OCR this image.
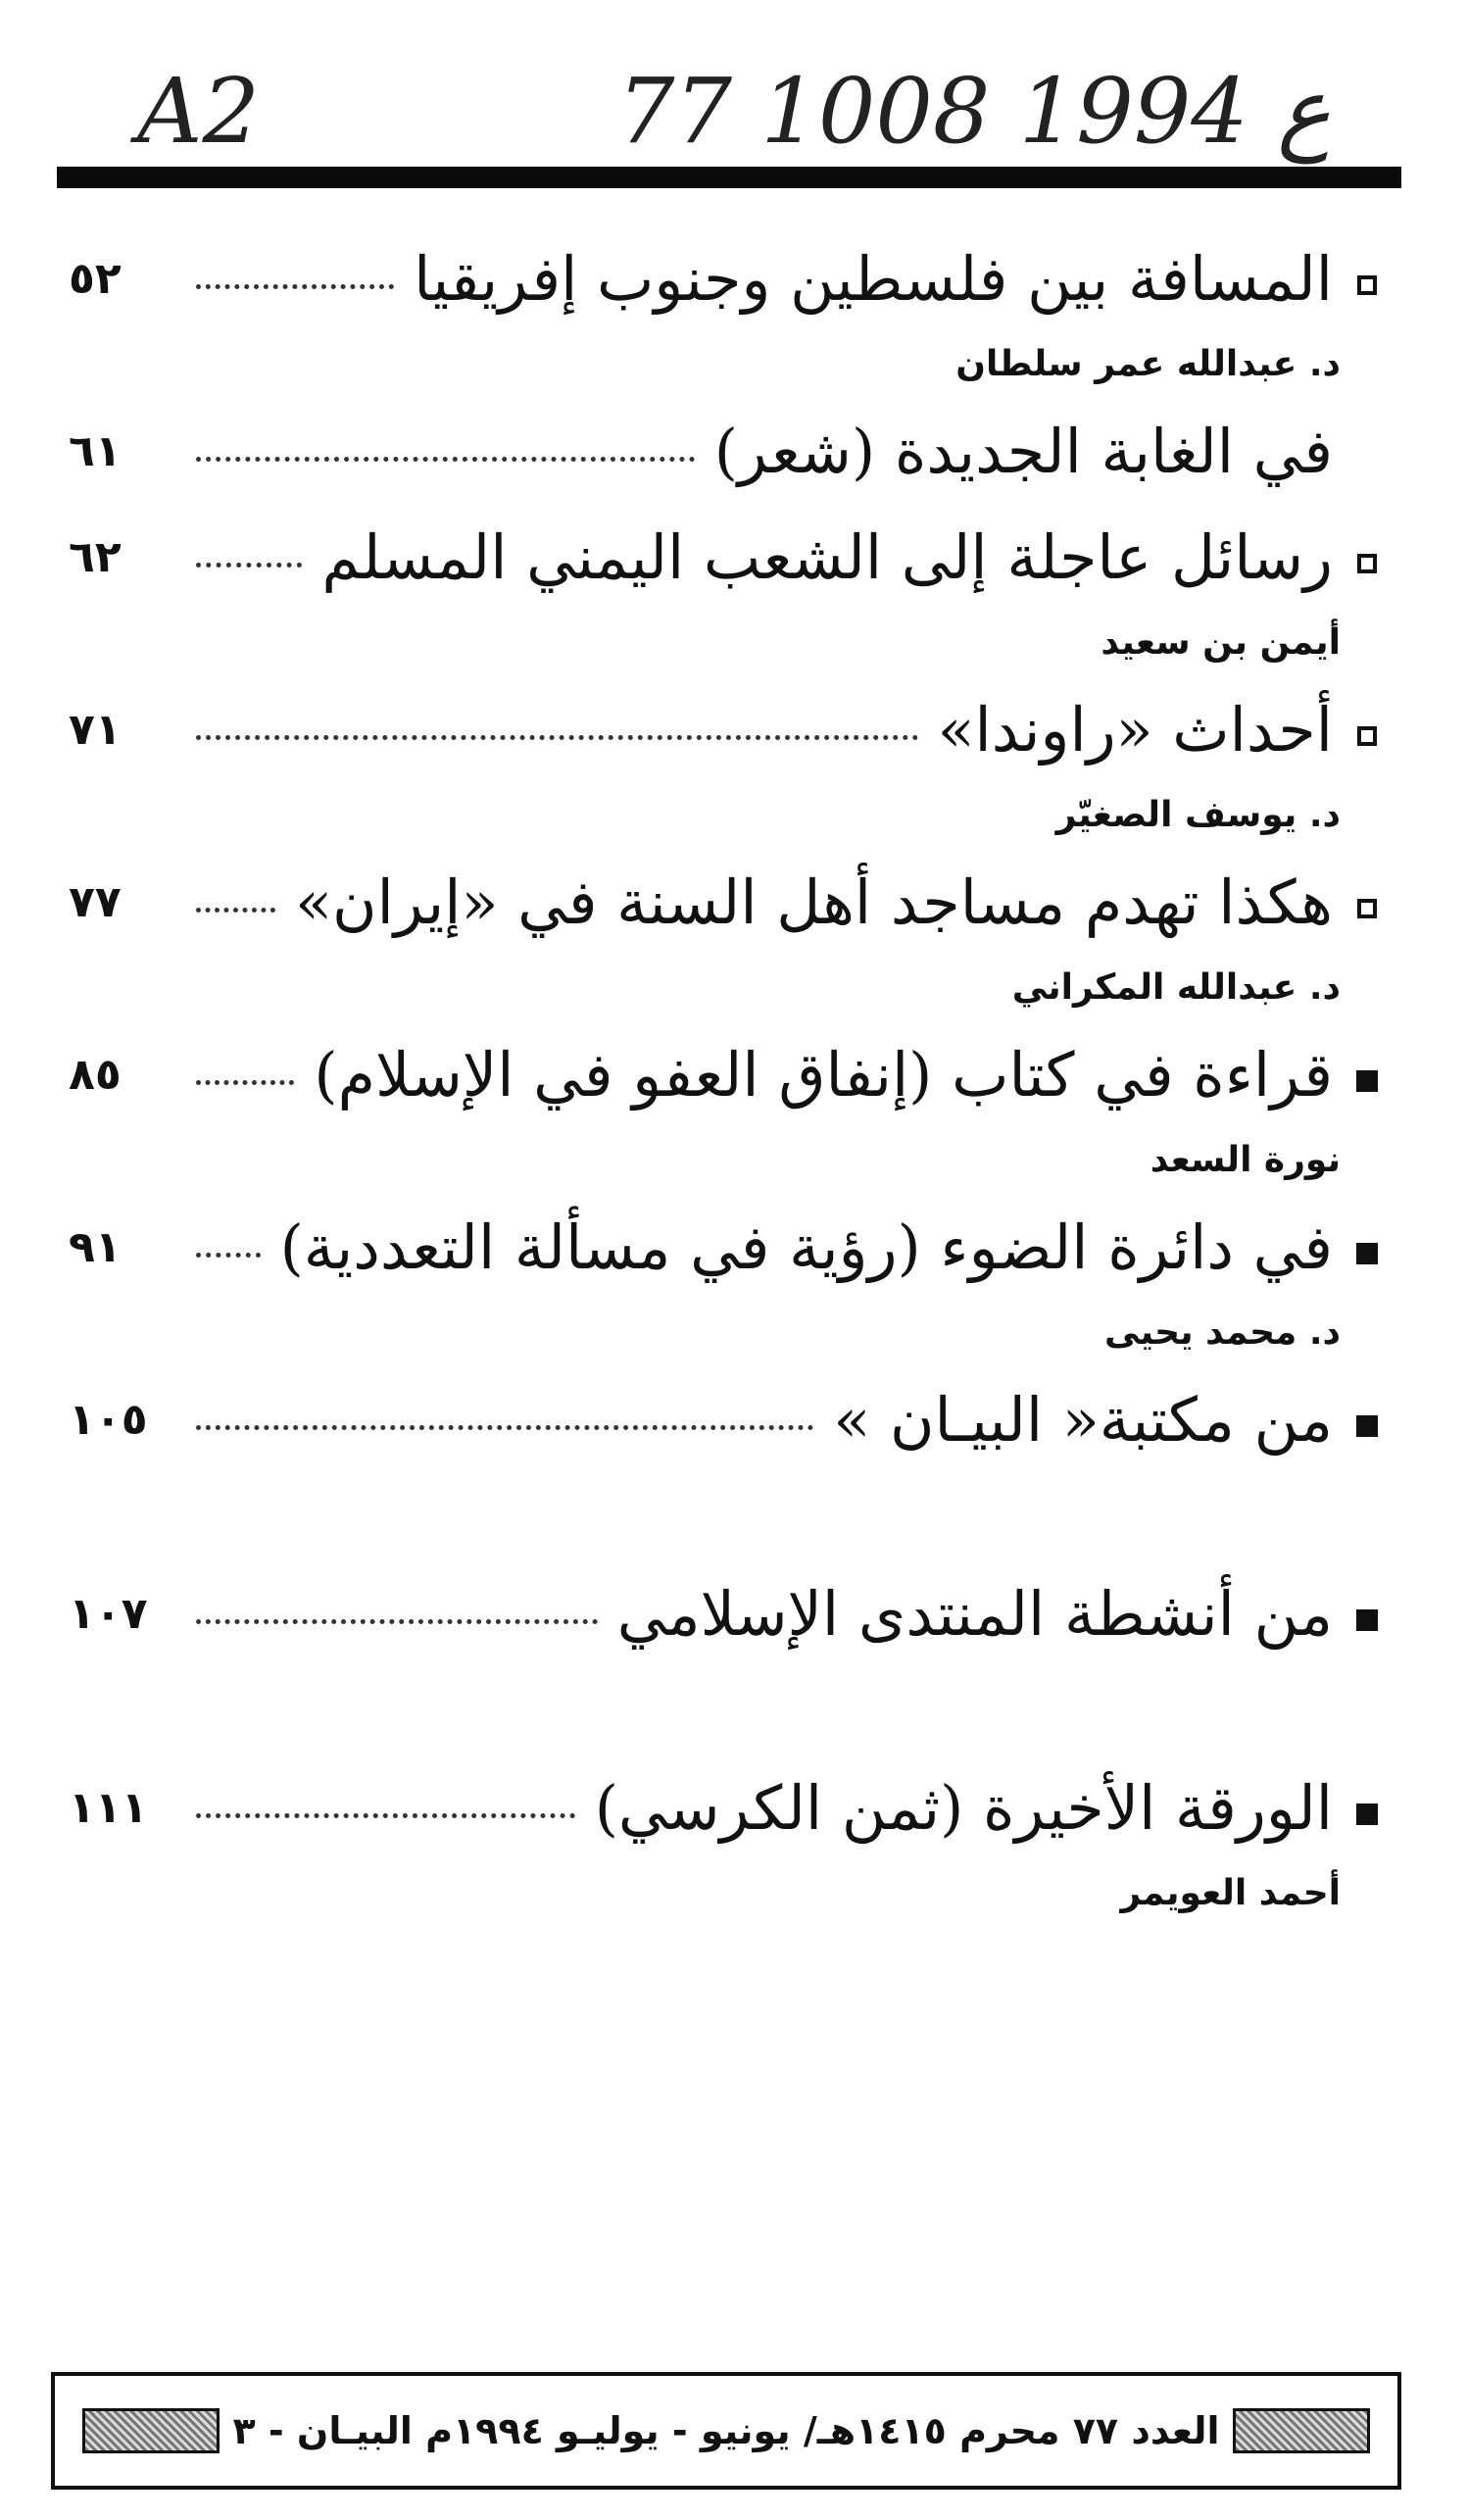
A2	77 ع 1994 1008
٥٢	المسافة بين فلسطين وجنوب إفريقيا
د. عبدالله عمر سلطان
٦١	في الغابة الجديدة (شعر)
٦٢	رسائل عاجلة إلى الشعب اليمني المسلم
أيمن بن سعيد
٧١	أحداث «راوندا»
د. يوسف الصغيّر
٧٧	هكذا تهدم مساجد أهل السنة في «إيران»
د. عبدالله المكراني
٨٥	قراءة في كتاب (إنفاق العفو في الإسلام)
نورة السعد
٩١	في دائرة الضوء (رؤية في مسألة التعددية)
د. محمد يحيى
١٠٥	من مكتبة« البيـان »
١٠٧	من أنشطة المنتدى الإسلامي
١١١	الورقة الأخيرة (ثمن الكرسي)
أحمد العويمر
العدد ٧٧ محرم ١٤١٥هـ/ يونيو - يوليـو ١٩٩٤م البيـان - ٣
